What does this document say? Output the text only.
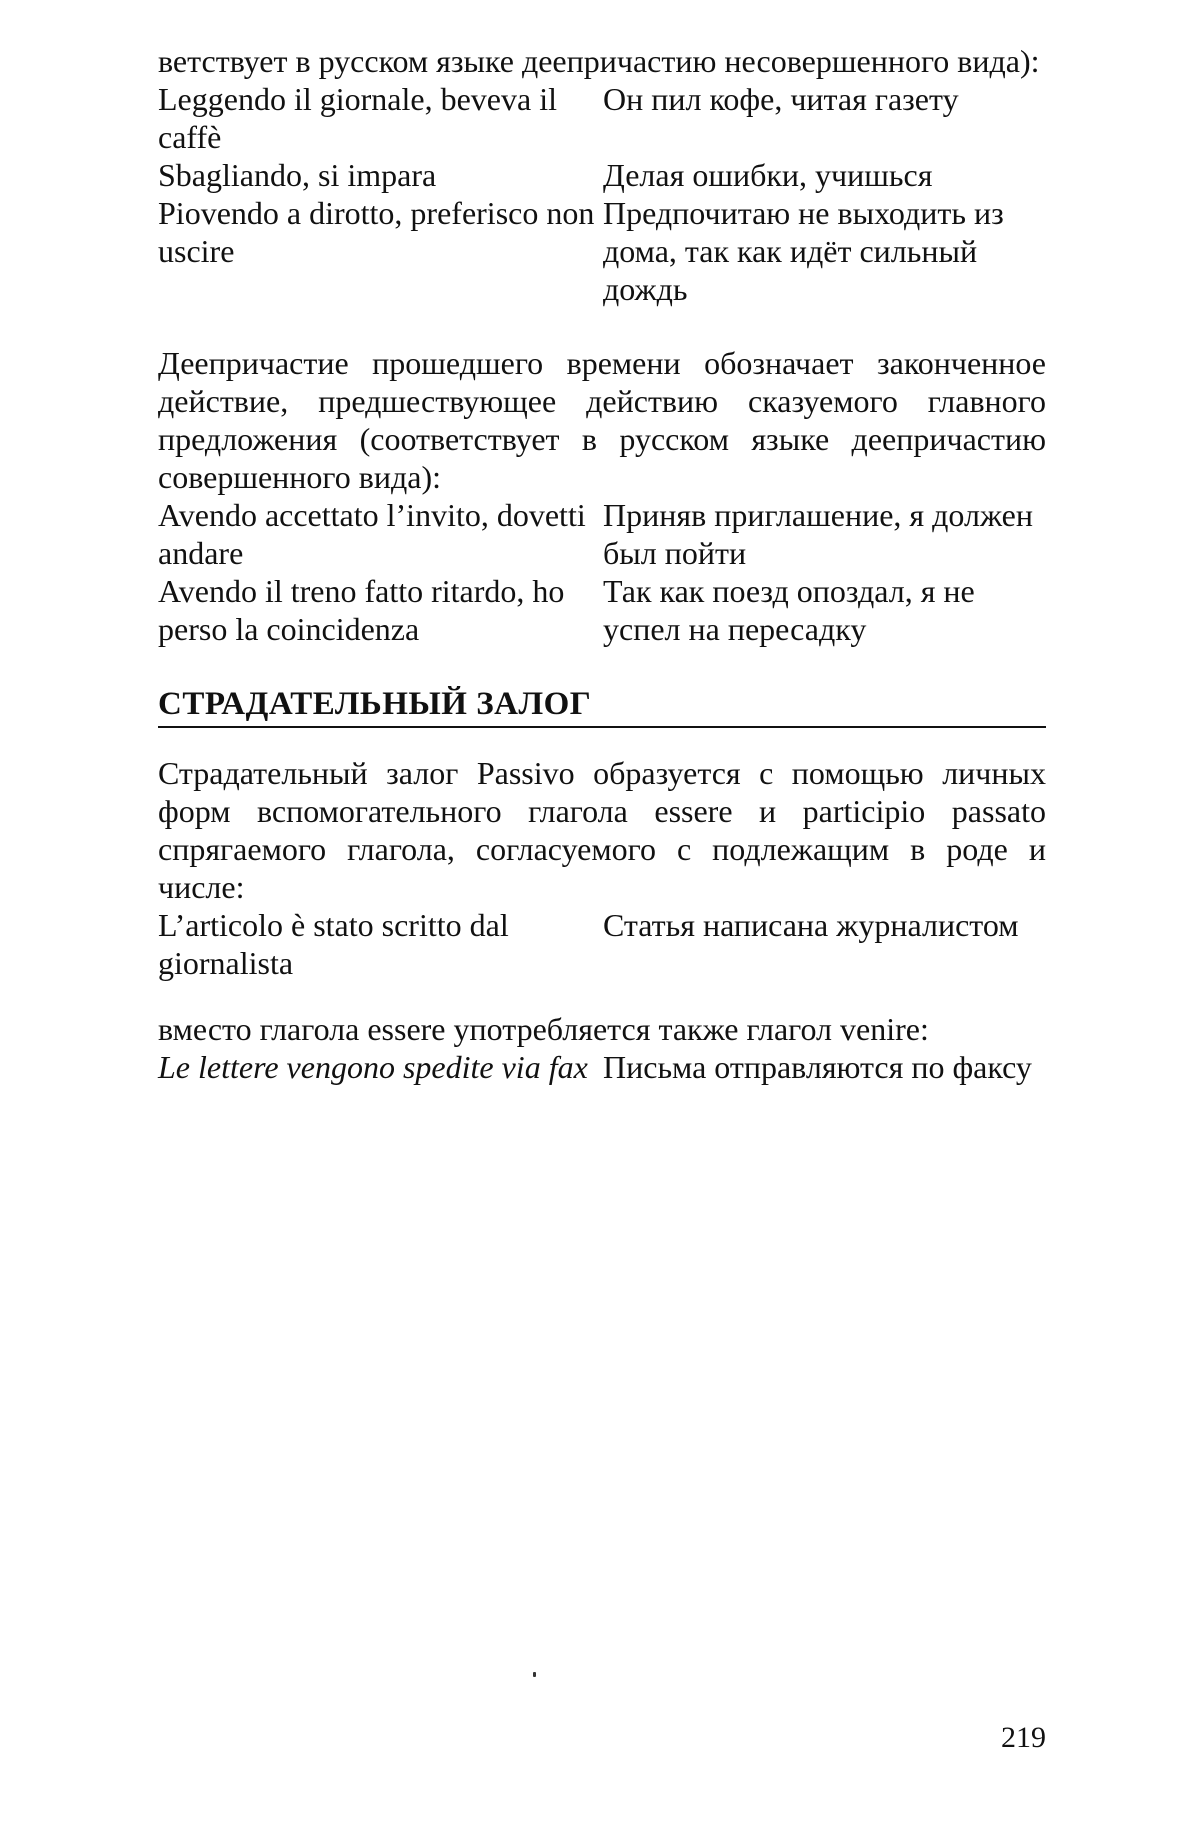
ветствует в русском языке деепричастию несовершенного вида):

Leggendo il giornale, beveva il caffè

Он пил кофе, читая газету

Sbagliando, si impara	Делая ошибки, учишься

Piovendo a dirotto, preferisco non uscire

Предпочитаю не выходить из дома, так как идёт сильный дождь

Деепричастие прошедшего времени обозначает законченное действие, предшествующее действию сказуемого главного предложения (соответствует в русском языке деепричастию совершенного вида):

Avendo accettato l’invito, dovetti andare

Приняв приглашение, я должен был пойти

Avendo il treno fatto ritardo, ho perso la coincidenza

Так как поезд опоздал, я не успел на пересадку

СТРАДАТЕЛЬНЫЙ ЗАЛОГ

Страдательный залог Passivo образуется с помощью личных форм вспомогательного глагола essere и participio passato спрягаемого глагола, согласуемого с подлежащим в роде и числе:

L’articolo è stato scritto dal giornalista

Статья написана журналистом

вместо глагола essere употребляется также глагол venire:

Le lettere vengono spedite via fax Письма отправляются по факсу

219
